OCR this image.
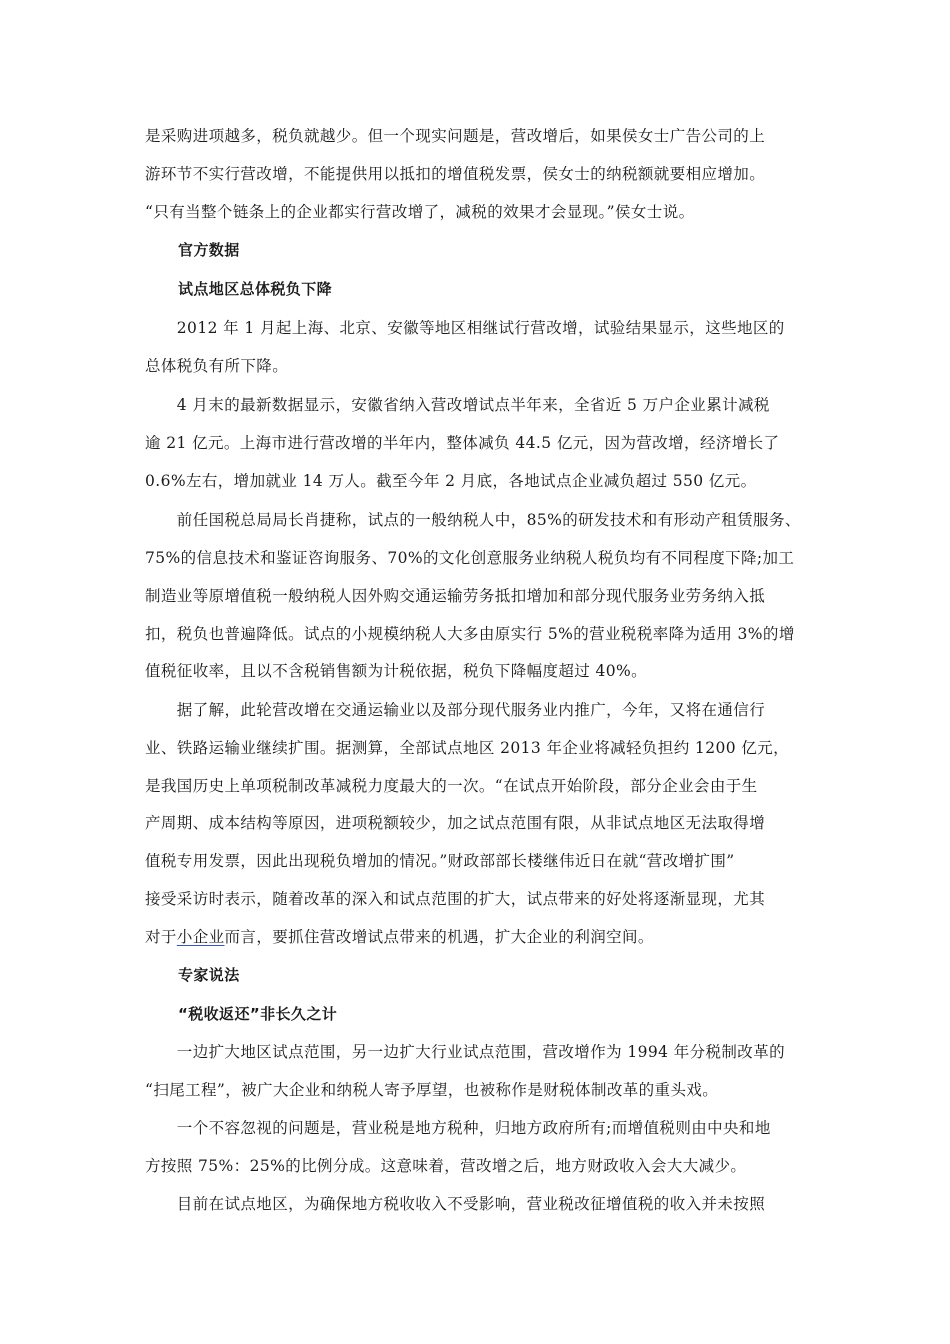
是采购进项越多，税负就越少。但一个现实问题是，营改增后，如果侯女士广告公司的上
游环节不实行营改增，不能提供用以抵扣的增值税发票，侯女士的纳税额就要相应增加。
“只有当整个链条上的企业都实行营改增了，减税的效果才会显现。”侯女士说。
官方数据
试点地区总体税负下降
　　2012 年 1 月起上海、北京、安徽等地区相继试行营改增，试验结果显示，这些地区的
总体税负有所下降。
　　4 月末的最新数据显示，安徽省纳入营改增试点半年来，全省近 5 万户企业累计减税
逾 21 亿元。上海市进行营改增的半年内，整体减负 44.5 亿元，因为营改增，经济增长了
0.6%左右，增加就业 14 万人。截至今年 2 月底，各地试点企业减负超过 550 亿元。
　　前任国税总局局长肖捷称，试点的一般纳税人中，85%的研发技术和有形动产租赁服务、
75%的信息技术和鉴证咨询服务、70%的文化创意服务业纳税人税负均有不同程度下降;加工
制造业等原增值税一般纳税人因外购交通运输劳务抵扣增加和部分现代服务业劳务纳入抵
扣，税负也普遍降低。试点的小规模纳税人大多由原实行 5%的营业税税率降为适用 3%的增
值税征收率，且以不含税销售额为计税依据，税负下降幅度超过 40%。
　　据了解，此轮营改增在交通运输业以及部分现代服务业内推广，今年，又将在通信行
业、铁路运输业继续扩围。据测算，全部试点地区 2013 年企业将减轻负担约 1200 亿元，
是我国历史上单项税制改革减税力度最大的一次。“在试点开始阶段，部分企业会由于生
产周期、成本结构等原因，进项税额较少，加之试点范围有限，从非试点地区无法取得增
值税专用发票，因此出现税负增加的情况。”财政部部长楼继伟近日在就“营改增扩围”
接受采访时表示，随着改革的深入和试点范围的扩大，试点带来的好处将逐渐显现，尤其
对于小企业而言，要抓住营改增试点带来的机遇，扩大企业的利润空间。
专家说法
“税收返还”非长久之计
　　一边扩大地区试点范围，另一边扩大行业试点范围，营改增作为 1994 年分税制改革的
“扫尾工程”，被广大企业和纳税人寄予厚望，也被称作是财税体制改革的重头戏。
　　一个不容忽视的问题是，营业税是地方税种，归地方政府所有;而增值税则由中央和地
方按照 75%：25%的比例分成。这意味着，营改增之后，地方财政收入会大大减少。
　　目前在试点地区，为确保地方税收收入不受影响，营业税改征增值税的收入并未按照
